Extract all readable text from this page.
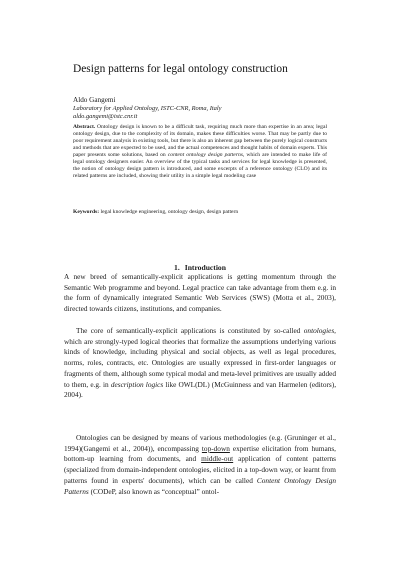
Design patterns for legal ontology construction
Aldo Gangemi
Laboratory for Applied Ontology, ISTC-CNR, Roma, Italy
aldo.gangemi@istc.cnr.it

Abstract. Ontology design is known to be a difficult task, requiring much more than expertise in an area; legal ontology design, due to the complexity of its domain, makes these difficulties worse. That may be partly due to poor requirement analysis in existing tools, but there is also an inherent gap between the purely logical constructs and methods that are expected to be used, and the actual competences and thought habits of domain experts. This paper presents some solutions, based on content ontology design patterns, which are intended to make life of legal ontology designers easier. An overview of the typical tasks and services for legal knowledge is presented, the notion of ontology design pattern is introduced, and some excerpts of a reference ontology (CLO) and its related patterns are included, showing their utility in a simple legal modeling case

Keywords: legal knowledge engineering, ontology design, design pattern
1. Introduction

A new breed of semantically-explicit applications is getting momentum through the Semantic Web programme and beyond. Legal practice can take advantage from them e.g. in the form of dynamically integrated Semantic Web Services (SWS) (Motta et al., 2003), directed towards citizens, institutions, and companies.

The core of semantically-explicit applications is constituted by so-called ontologies, which are strongly-typed logical theories that formalize the assumptions underlying various kinds of knowledge, including physical and social objects, as well as legal procedures, norms, roles, contracts, etc. Ontologies are usually expressed in first-order languages or fragments of them, although some typical modal and meta-level primitives are usually added to them, e.g. in description logics like OWL(DL) (McGuinness and van Harmelen (editors), 2004).

Ontologies can be designed by means of various methodologies (e.g. (Gruninger et al., 1994)(Gangemi et al., 2004)), encompassing top-down expertise elicitation from humans, bottom-up learning from documents, and middle-out application of content patterns (specialized from domain-independent ontologies, elicited in a top-down way, or learnt from patterns found in experts' documents), which can be called Content Ontology Design Patterns (CODeP, also known as “conceptual” ontol-
